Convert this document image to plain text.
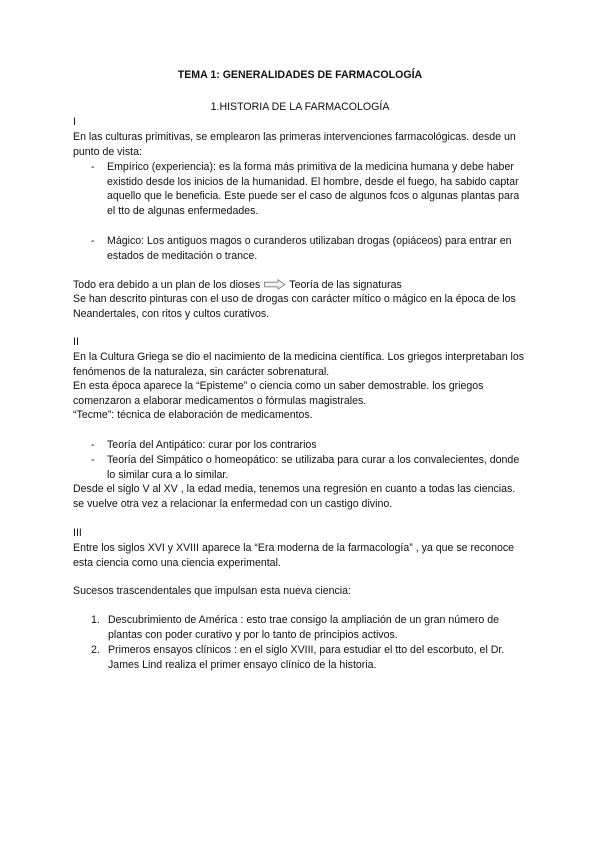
TEMA 1: GENERALIDADES DE FARMACOLOGÍA

1.HISTORIA DE LA FARMACOLOGÍA

I

En las culturas primitivas, se emplearon las primeras intervenciones farmacológicas. desde un punto de vista:

- Empírico (experiencia): es la forma más primitiva de la medicina humana y debe haber existido desde los inicios de la humanidad. El hombre, desde el fuego, ha sabido captar aquello que le beneficia. Este puede ser el caso de algunos fcos o algunas plantas para el tto de algunas enfermedades.
- Mágico: Los antiguos magos o curanderos utilizaban drogas (opiáceos) para entrar en estados de meditación o trance.

Todo era debido a un plan de los dioses	Teoría de las signaturas

Se han descrito pinturas con el uso de drogas con carácter mítico o mágico en la época de los Neandertales, con ritos y cultos curativos.

II

En la Cultura Griega se dio el nacimiento de la medicina científica. Los griegos interpretaban los fenómenos de la naturaleza, sin carácter sobrenatural.

En esta época aparece la “Episteme” o ciencia como un saber demostrable. los griegos comenzaron a elaborar medicamentos o fórmulas magistrales.

“Tecme”: técnica de elaboración de medicamentos.

- Teoría del Antipático: curar por los contrarios
- Teoría del Simpático o homeopático: se utilizaba para curar a los convalecientes, donde lo similar cura a lo similar.

Desde el siglo V al XV , la edad media, tenemos una regresión en cuanto a todas las ciencias. se vuelve otra vez a relacionar la enfermedad con un castigo divino.

III

Entre los siglos XVI y XVIII aparece la “Era moderna de la farmacología” , ya que se reconoce esta ciencia como una ciencia experimental.

Sucesos trascendentales que impulsan esta nueva ciencia:

1. Descubrimiento de América : esto trae consigo la ampliación de un gran número de plantas con poder curativo y por lo tanto de principios activos.
2. Primeros ensayos clínicos : en el siglo XVIII, para estudiar el tto del escorbuto, el Dr. James Lind realiza el primer ensayo clínico de la historia.
